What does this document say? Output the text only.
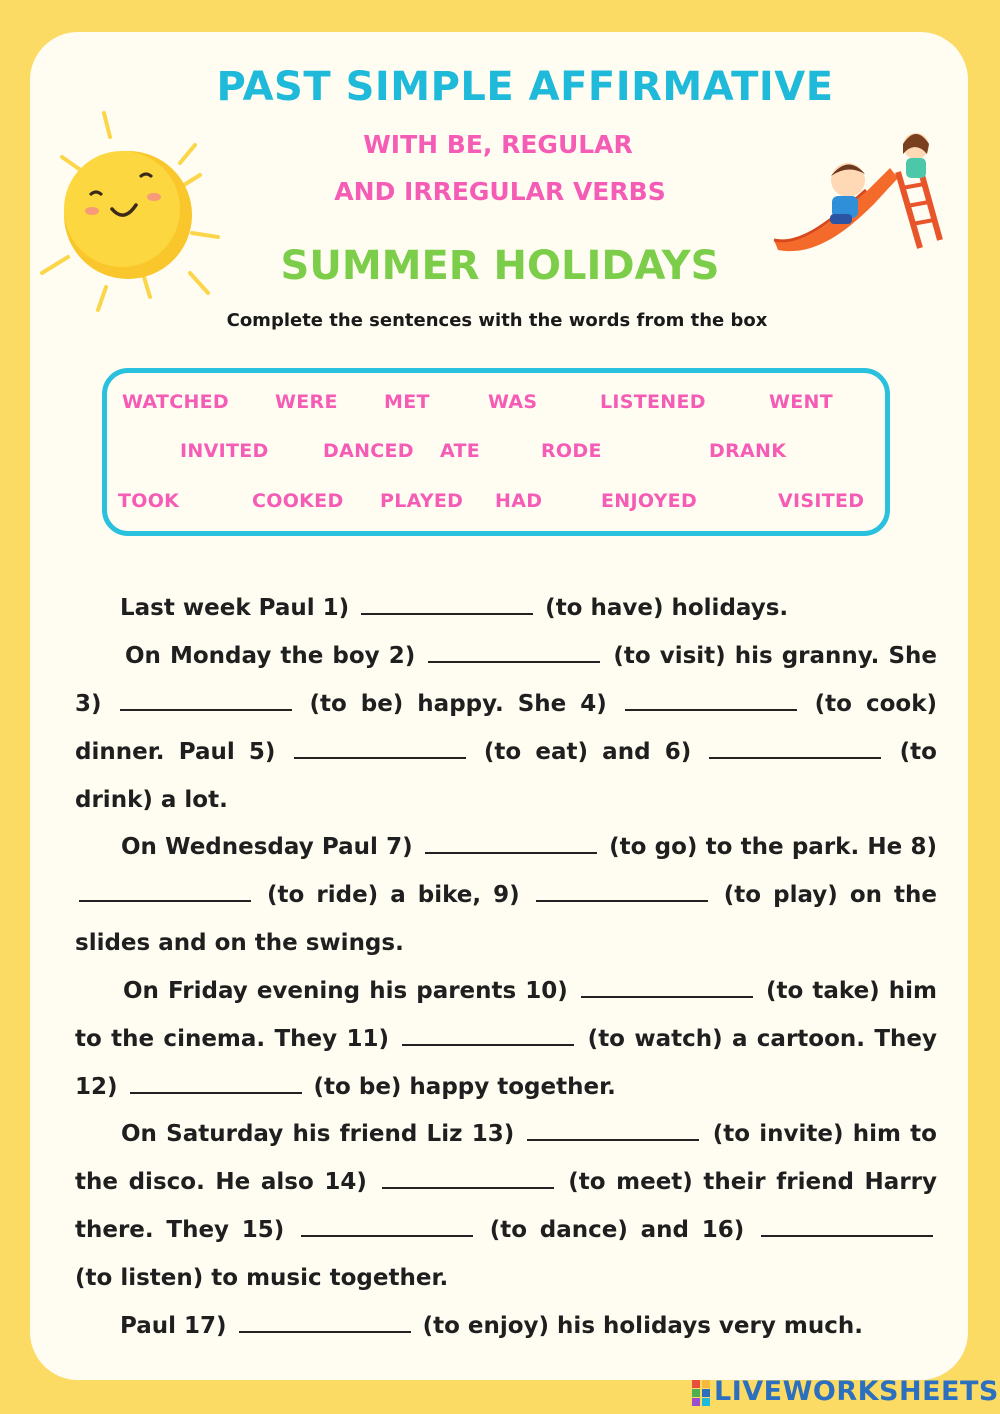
PAST SIMPLE AFFIRMATIVE
WITH BE, REGULAR
AND IRREGULAR VERBS
SUMMER HOLIDAYS
Complete the sentences with the words from the box
WATCHED WERE MET	WAS	LISTENED	WENT
INVITED	DANCED ATE	RODE	DRANK
TOOK	COOKED PLAYED HAD	ENJOYED	VISITED

Last week Paul 1)	(to have) holidays.

On Monday the boy 2)	(to visit) his granny. She 3)	(to be) happy. She 4)	(to cook) dinner. Paul 5)	(to eat) and 6)	(to drink) a lot.

On Wednesday Paul 7)	(to go) to the park. He 8)  (to ride) a bike, 9)	(to play) on the slides and on the swings.

On Friday evening his parents 10)	(to take) him to the cinema. They 11)	(to watch) a cartoon. They 12)	(to be) happy together.

On Saturday his friend Liz 13)	(to invite) him to the disco. He also 14)	(to meet) their friend Harry there. They 15)	(to dance) and 16)  (to listen) to music together.

Paul 17)	(to enjoy) his holidays very much.

LIVEWORKSHEETS
